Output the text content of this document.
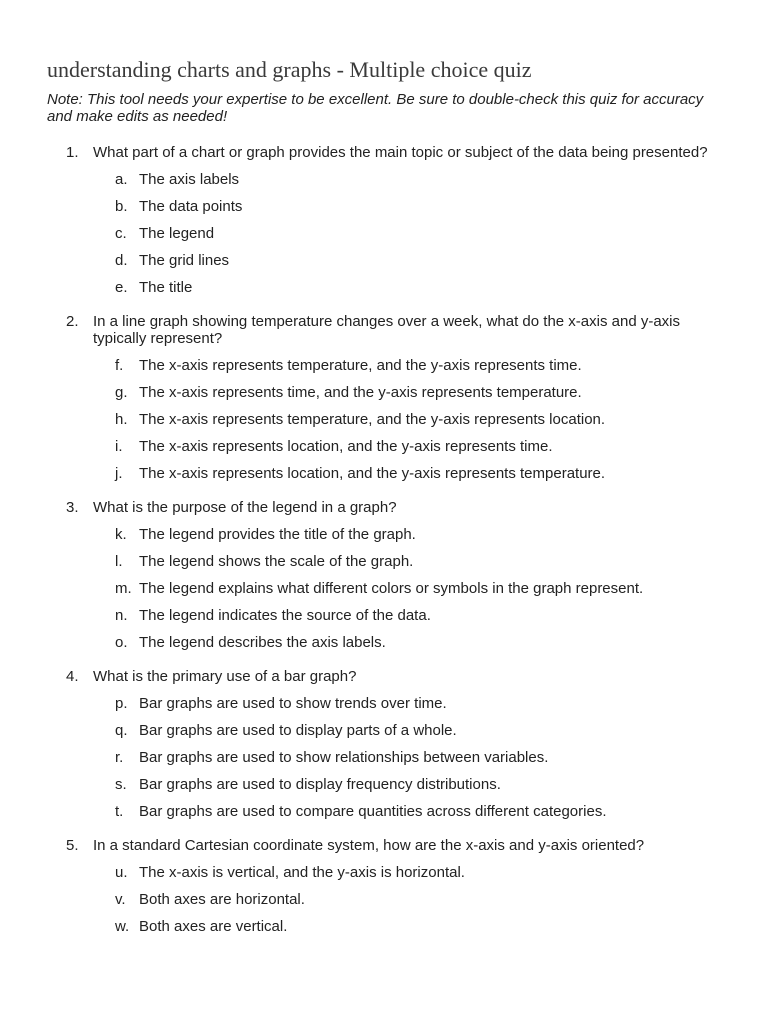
understanding charts and graphs - Multiple choice quiz

Note: This tool needs your expertise to be excellent. Be sure to double-check this quiz for accuracy and make edits as needed!

1. What part of a chart or graph provides the main topic or subject of the data being presented?
a. The axis labels
b. The data points
c. The legend
d. The grid lines
e. The title
2. In a line graph showing temperature changes over a week, what do the x-axis and y-axis typically represent?
f.	The x-axis represents temperature, and the y-axis represents time.
g. The x-axis represents time, and the y-axis represents temperature.
h. The x-axis represents temperature, and the y-axis represents location.
i.	The x-axis represents location, and the y-axis represents time.
j.	The x-axis represents location, and the y-axis represents temperature.
3. What is the purpose of the legend in a graph?
k. The legend provides the title of the graph.
l.	The legend shows the scale of the graph.
m. The legend explains what different colors or symbols in the graph represent.
n. The legend indicates the source of the data.
o. The legend describes the axis labels.
4. What is the primary use of a bar graph?
p. Bar graphs are used to show trends over time.
q. Bar graphs are used to display parts of a whole.
r.	Bar graphs are used to show relationships between variables.
s. Bar graphs are used to display frequency distributions.
t.	Bar graphs are used to compare quantities across different categories.
5. In a standard Cartesian coordinate system, how are the x-axis and y-axis oriented?
u. The x-axis is vertical, and the y-axis is horizontal.
v. Both axes are horizontal.
w. Both axes are vertical.
